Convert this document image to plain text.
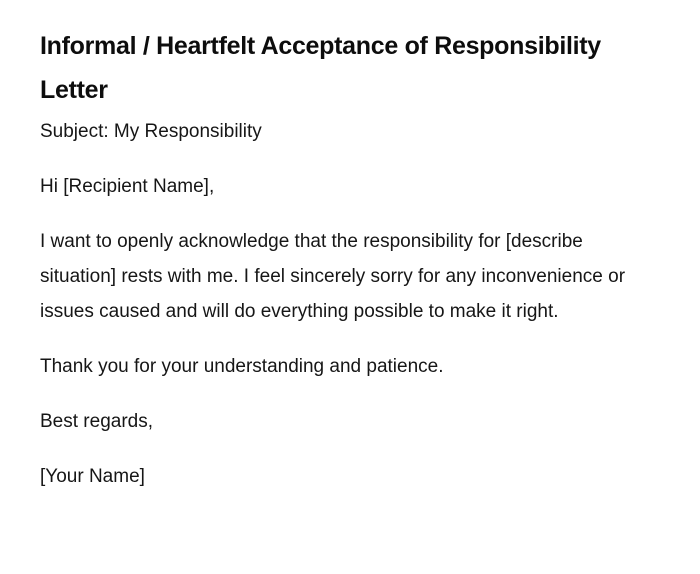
Informal / Heartfelt Acceptance of Responsibility Letter

Subject: My Responsibility

Hi [Recipient Name],

I want to openly acknowledge that the responsibility for [describe situation] rests with me. I feel sincerely sorry for any inconvenience or issues caused and will do everything possible to make it right.

Thank you for your understanding and patience.

Best regards,

[Your Name]
